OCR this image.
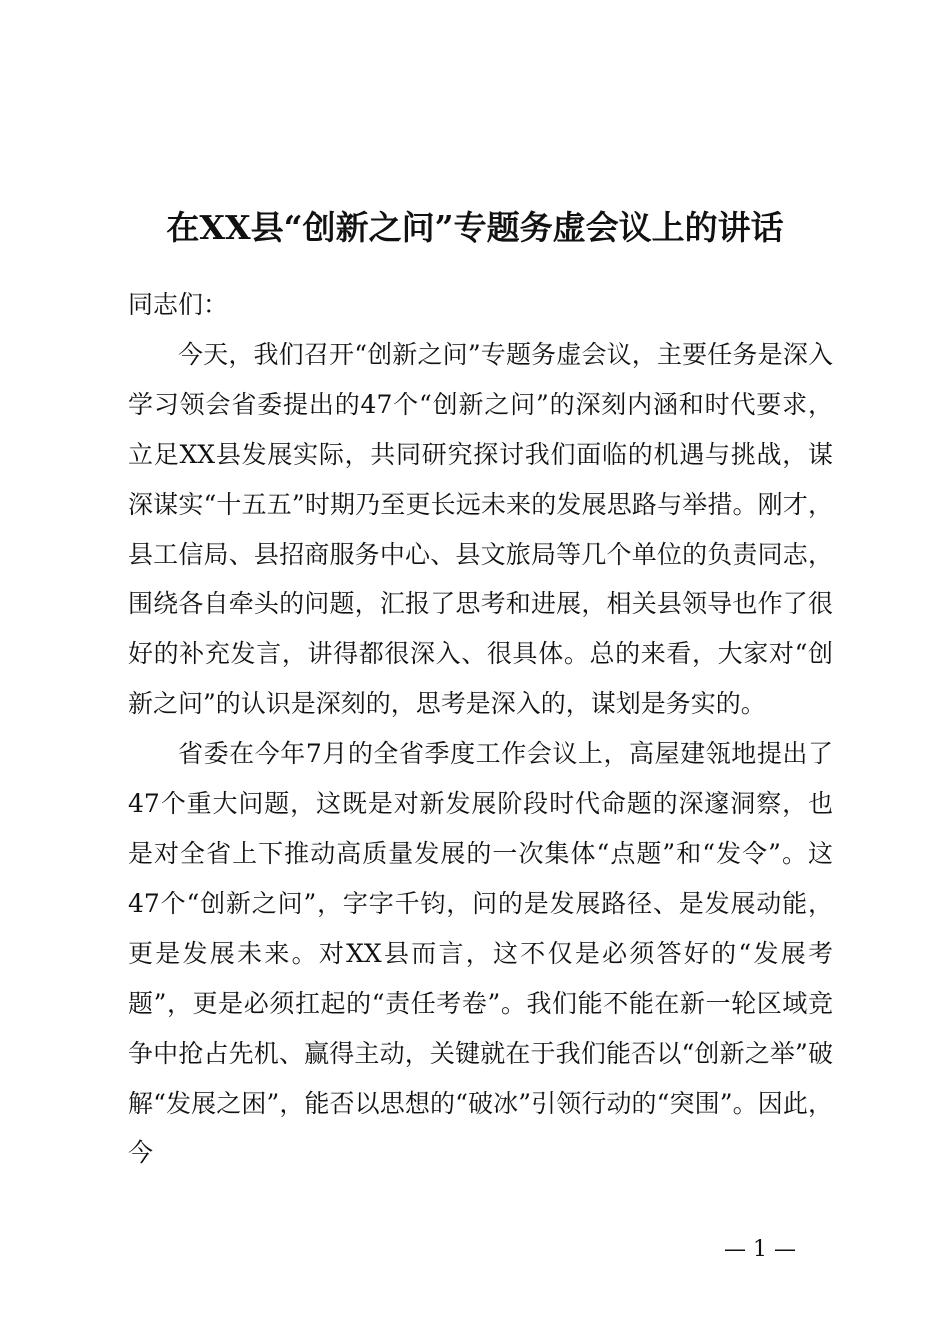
在XX县“创新之问”专题务虚会议上的讲话

同志们：

今天，我们召开“创新之问”专题务虚会议，主要任务是深入学习领会省委提出的47个“创新之问”的深刻内涵和时代要求，立足XX县发展实际，共同研究探讨我们面临的机遇与挑战，谋深谋实“十五五”时期乃至更长远未来的发展思路与举措。刚才，县工信局、县招商服务中心、县文旅局等几个单位的负责同志，围绕各自牵头的问题，汇报了思考和进展，相关县领导也作了很好的补充发言，讲得都很深入、很具体。总的来看，大家对“创新之问”的认识是深刻的，思考是深入的，谋划是务实的。

省委在今年7月的全省季度工作会议上，高屋建瓴地提出了47个重大问题，这既是对新发展阶段时代命题的深邃洞察，也是对全省上下推动高质量发展的一次集体“点题”和“发令”。这47个“创新之问”，字字千钧，问的是发展路径、是发展动能，更是发展未来。对XX县而言，这不仅是必须答好的“发展考题”，更是必须扛起的“责任考卷”。我们能不能在新一轮区域竞争中抢占先机、赢得主动，关键就在于我们能否以“创新之举”破解“发展之困”，能否以思想的“破冰”引领行动的“突围”。因此，今

— 1 —
